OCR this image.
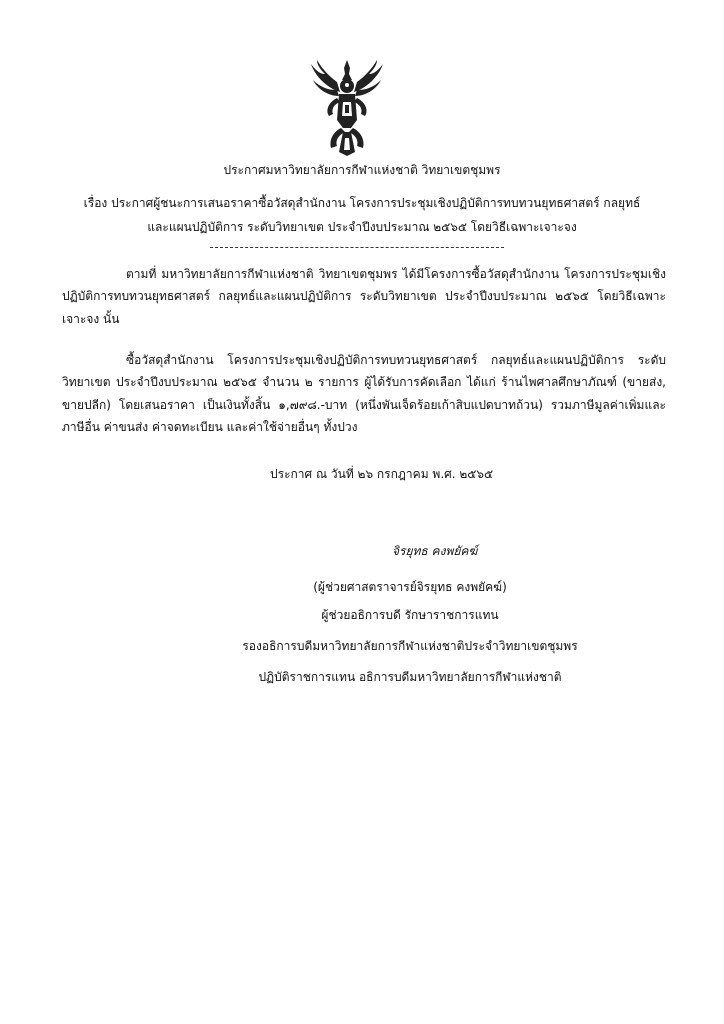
ประกาศมหาวิทยาลัยการกีฬาแห่งชาติ วิทยาเขตชุมพร
เรื่อง ประกาศผู้ชนะการเสนอราคาซื้อวัสดุสำนักงาน โครงการประชุมเชิงปฏิบัติการทบทวนยุทธศาสตร์ กลยุทธ์
และแผนปฏิบัติการ ระดับวิทยาเขต ประจำปีงบประมาณ ๒๕๖๕ โดยวิธีเฉพาะเจาะจง
ตามที่ มหาวิทยาลัยการกีฬาแห่งชาติ วิทยาเขตชุมพร ได้มีโครงการซื้อวัสดุสำนักงาน โครงการประชุมเชิงปฏิบัติการทบทวนยุทธศาสตร์ กลยุทธ์และแผนปฏิบัติการ ระดับวิทยาเขต ประจำปีงบประมาณ ๒๕๖๕ โดยวิธีเฉพาะเจาะจง นั้น
ซื้อวัสดุสำนักงาน โครงการประชุมเชิงปฏิบัติการทบทวนยุทธศาสตร์ กลยุทธ์และแผนปฏิบัติการ ระดับวิทยาเขต ประจำปีงบประมาณ ๒๕๖๕ จำนวน ๒ รายการ ผู้ได้รับการคัดเลือก ได้แก่ ร้านไพศาลศึกษาภัณฑ์ (ขายส่ง, ขายปลีก) โดยเสนอราคา เป็นเงินทั้งสิ้น ๑,๗๙๘.-บาท (หนึ่งพันเจ็ดร้อยเก้าสิบแปดบาทถ้วน) รวมภาษีมูลค่าเพิ่มและภาษีอื่น ค่าขนส่ง ค่าจดทะเบียน และค่าใช้จ่ายอื่นๆ ทั้งปวง
ประกาศ ณ วันที่ ๒๖ กรกฎาคม พ.ศ. ๒๕๖๕
จิรยุทธ คงพยัคฆ์
(ผู้ช่วยศาสตราจารย์จิรยุทธ คงพยัคฆ์)
ผู้ช่วยอธิการบดี รักษาราชการแทน
รองอธิการบดีมหาวิทยาลัยการกีฬาแห่งชาติประจำวิทยาเขตชุมพร
ปฏิบัติราชการแทน อธิการบดีมหาวิทยาลัยการกีฬาแห่งชาติ
